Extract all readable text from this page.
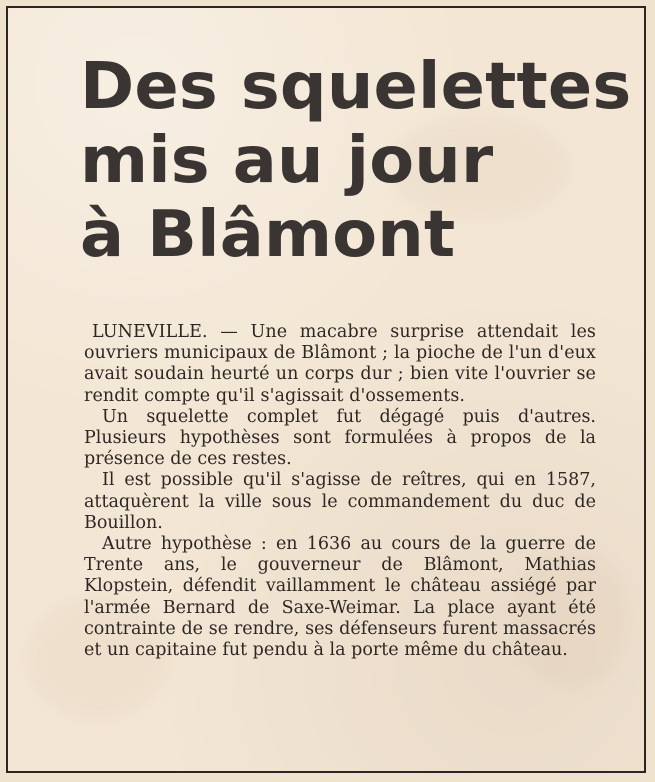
Des squelettes
mis au jour
à Blâmont

LUNEVILLE. — Une macabre surprise attendait les ouvriers municipaux de Blâmont ; la pioche de l'un d'eux avait soudain heurté un corps dur ; bien vite l'ouvrier se rendit compte qu'il s'agissait d'ossements.

Un squelette complet fut dégagé puis d'autres. Plusieurs hypothèses sont formulées à propos de la présence de ces restes.

Il est possible qu'il s'agisse de reîtres, qui en 1587, attaquèrent la ville sous le commandement du duc de Bouillon.

Autre hypothèse : en 1636 au cours de la guerre de Trente ans, le gouverneur de Blâmont, Mathias Klopstein, défendit vaillamment le château assiégé par l'armée Bernard de Saxe-Weimar. La place ayant été contrainte de se rendre, ses défenseurs furent massacrés et un capitaine fut pendu à la porte même du château.
